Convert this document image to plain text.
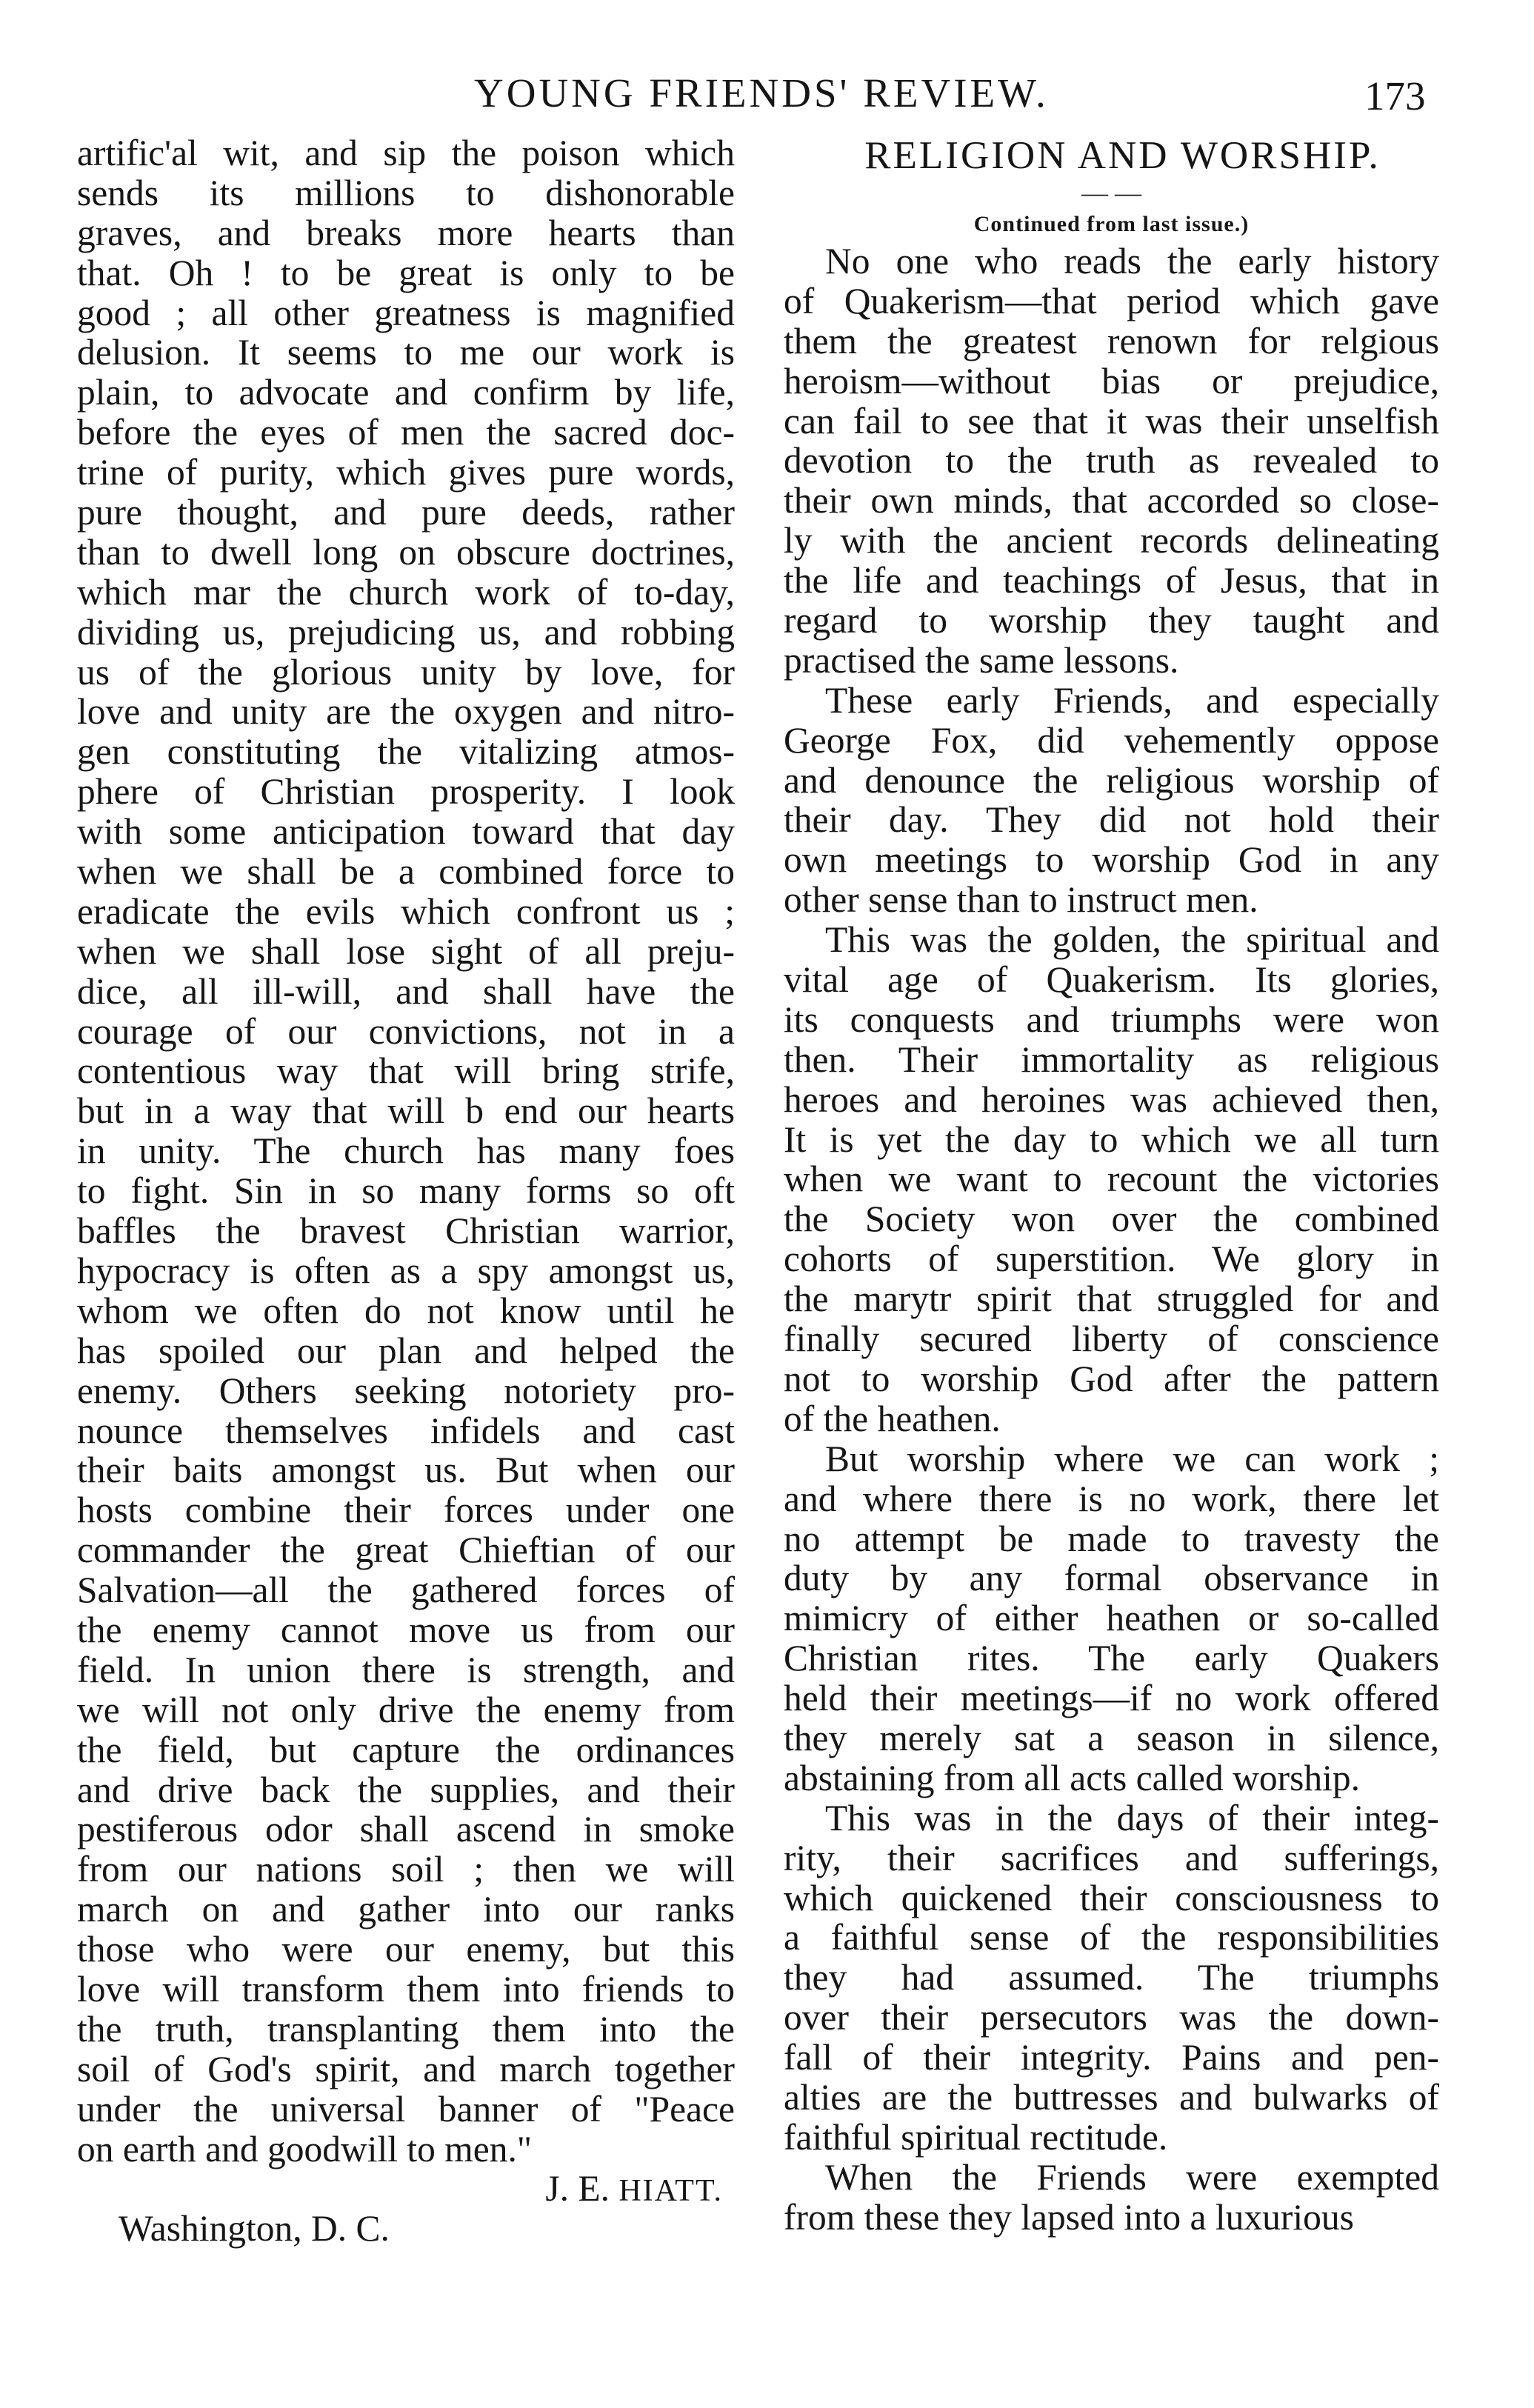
YOUNG FRIENDS' REVIEW.	173
artific'al wit, and sip the poison which
sends its millions to dishonorable
graves, and breaks more hearts than
that. Oh ! to be great is only to be
good ; all other greatness is magnified
delusion. It seems to me our work is
plain, to advocate and confirm by life,
before the eyes of men the sacred doc-
trine of purity, which gives pure words,
pure thought, and pure deeds, rather
than to dwell long on obscure doctrines,
which mar the church work of to-day,
dividing us, prejudicing us, and robbing
us of the glorious unity by love, for
love and unity are the oxygen and nitro-
gen constituting the vitalizing atmos-
phere of Christian prosperity. I look
with some anticipation toward that day
when we shall be a combined force to
eradicate the evils which confront us ;
when we shall lose sight of all preju-
dice, all ill-will, and shall have the
courage of our convictions, not in a
contentious way that will bring strife,
but in a way that will b end our hearts
in unity. The church has many foes
to fight. Sin in so many forms so oft
baffles the bravest Christian warrior,
hypocracy is often as a spy amongst us,
whom we often do not know until he
has spoiled our plan and helped the
enemy. Others seeking notoriety pro-
nounce themselves infidels and cast
their baits amongst us. But when our
hosts combine their forces under one
commander the great Chieftian of our
Salvation—all the gathered forces of
the enemy cannot move us from our
field. In union there is strength, and
we will not only drive the enemy from
the field, but capture the ordinances
and drive back the supplies, and their
pestiferous odor shall ascend in smoke
from our nations soil ; then we will
march on and gather into our ranks
those who were our enemy, but this
love will transform them into friends to
the truth, transplanting them into the
soil of God's spirit, and march together
under the universal banner of "Peace
on earth and goodwill to men."
J. E. HIATT.
Washington, D. C.
RELIGION AND WORSHIP.
— —
Continued from last issue.)
No one who reads the early history
of Quakerism—that period which gave
them the greatest renown for relgious
heroism—without bias or prejudice,
can fail to see that it was their unselfish
devotion to the truth as revealed to
their own minds, that accorded so close-
ly with the ancient records delineating
the life and teachings of Jesus, that in
regard to worship they taught and
practised the same lessons.
These early Friends, and especially
George Fox, did vehemently oppose
and denounce the religious worship of
their day. They did not hold their
own meetings to worship God in any
other sense than to instruct men.
This was the golden, the spiritual and
vital age of Quakerism. Its glories,
its conquests and triumphs were won
then. Their immortality as religious
heroes and heroines was achieved then,
It is yet the day to which we all turn
when we want to recount the victories
the Society won over the combined
cohorts of superstition. We glory in
the marytr spirit that struggled for and
finally secured liberty of conscience
not to worship God after the pattern
of the heathen.
But worship where we can work ;
and where there is no work, there let
no attempt be made to travesty the
duty by any formal observance in
mimicry of either heathen or so-called
Christian rites. The early Quakers
held their meetings—if no work offered
they merely sat a season in silence,
abstaining from all acts called worship.
This was in the days of their integ-
rity, their sacrifices and sufferings,
which quickened their consciousness to
a faithful sense of the responsibilities
they had assumed. The triumphs
over their persecutors was the down-
fall of their integrity. Pains and pen-
alties are the buttresses and bulwarks of
faithful spiritual rectitude.
When the Friends were exempted
from these they lapsed into a luxurious
